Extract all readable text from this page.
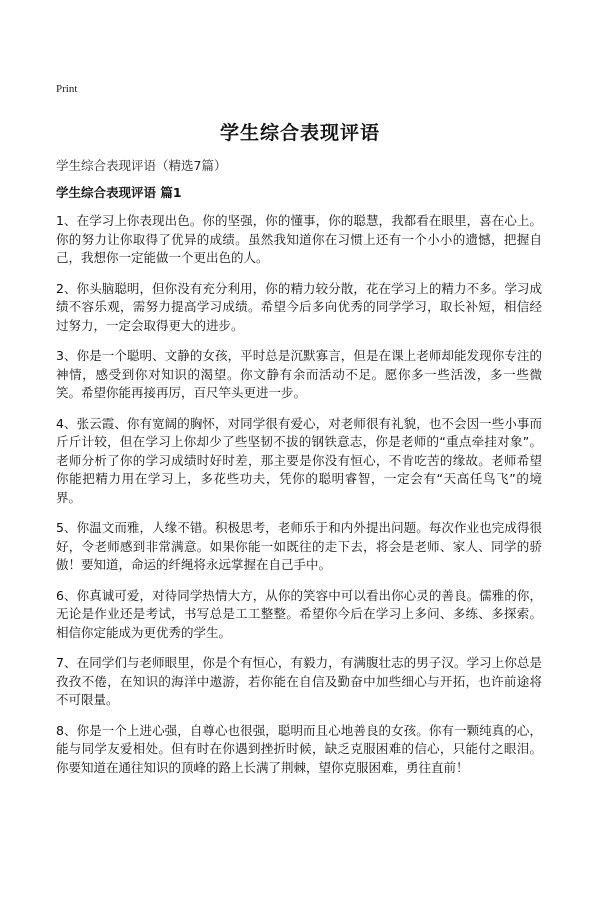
Print
学生综合表现评语
学生综合表现评语（精选7篇）
学生综合表现评语 篇1

1、在学习上你表现出色。你的坚强，你的懂事，你的聪慧，我都看在眼里，喜在心上。你的努力让你取得了优异的成绩。虽然我知道你在习惯上还有一个小小的遗憾，把握自己，我想你一定能做一个更出色的人。

2、你头脑聪明，但你没有充分利用，你的精力较分散，花在学习上的精力不多。学习成绩不容乐观，需努力提高学习成绩。希望今后多向优秀的同学学习，取长补短，相信经过努力，一定会取得更大的进步。

3、你是一个聪明、文静的女孩，平时总是沉默寡言，但是在课上老师却能发现你专注的神情，感受到你对知识的渴望。你文静有余而活动不足。愿你多一些活泼，多一些微笑。希望你能再接再厉，百尺竿头更进一步。

4、张云霞、你有宽阔的胸怀，对同学很有爱心，对老师很有礼貌，也不会因一些小事而斤斤计较，但在学习上你却少了些坚韧不拔的钢铁意志，你是老师的“重点牵挂对象”。老师分析了你的学习成绩时好时差，那主要是你没有恒心，不肯吃苦的缘故。老师希望你能把精力用在学习上，多花些功夫，凭你的聪明睿智，一定会有“天高任鸟飞”的境界。

5、你温文而雅，人缘不错。积极思考，老师乐于和内外提出问题。每次作业也完成得很好，令老师感到非常满意。如果你能一如既往的走下去，将会是老师、家人、同学的骄傲！要知道，命运的纤绳将永远掌握在自己手中。

6、你真诚可爱，对待同学热情大方，从你的笑容中可以看出你心灵的善良。儒雅的你，无论是作业还是考试，书写总是工工整整。希望你今后在学习上多问、多练、多探索。相信你定能成为更优秀的学生。

7、在同学们与老师眼里，你是个有恒心，有毅力，有满腹壮志的男子汉。学习上你总是孜孜不倦，在知识的海洋中遨游，若你能在自信及勤奋中加些细心与开拓，也许前途将不可限量。

8、你是一个上进心强，自尊心也很强，聪明而且心地善良的女孩。你有一颗纯真的心，能与同学友爱相处。但有时在你遇到挫折时候，缺乏克服困难的信心，只能付之眼泪。你要知道在通往知识的顶峰的路上长满了荆棘，望你克服困难，勇往直前！
